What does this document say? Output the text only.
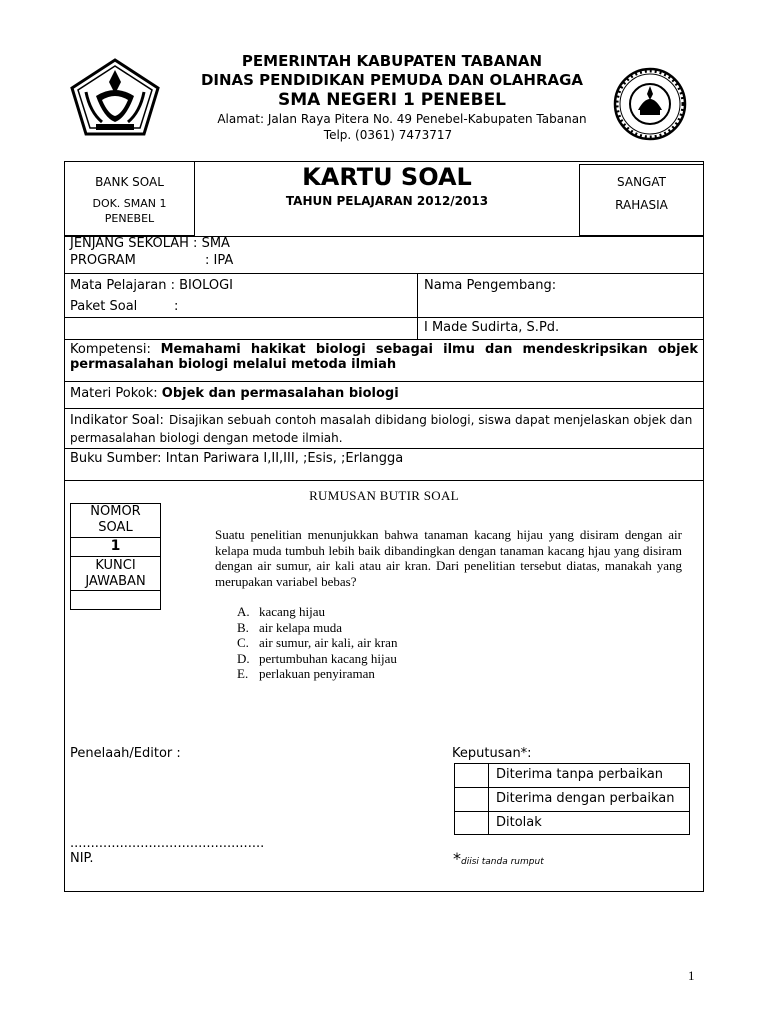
PEMERINTAH KABUPATEN TABANAN
DINAS PENDIDIKAN PEMUDA DAN OLAHRAGA
SMA NEGERI 1 PENEBEL
Alamat: Jalan Raya Pitera No. 49 Penebel-Kabupaten Tabanan
Telp. (0361) 7473717
BANK SOAL
DOK. SMAN 1
PENEBEL
KARTU SOAL
TAHUN PELAJARAN 2012/2013
SANGAT
RAHASIA
JENJANG SEKOLAH : SMA
PROGRAM	: IPA
Mata Pelajaran : BIOLOGI
Paket Soal	:
Nama Pengembang:
I Made Sudirta, S.Pd.
Kompetensi: Memahami hakikat biologi sebagai ilmu dan mendeskripsikan objek permasalahan biologi melalui metoda ilmiah
Materi Pokok: Objek dan permasalahan biologi
Indikator Soal: Disajikan sebuah contoh masalah dibidang biologi, siswa dapat menjelaskan objek dan permasalahan biologi dengan metode ilmiah.
Buku Sumber: Intan Pariwara I,II,III, ;Esis, ;Erlangga
RUMUSAN BUTIR SOAL
NOMOR
SOAL
1
KUNCI
JAWABAN
Suatu penelitian menunjukkan bahwa tanaman kacang hijau yang disiram dengan air kelapa muda tumbuh lebih baik dibandingkan dengan tanaman kacang hjau yang disiram dengan air sumur, air kali atau air kran. Dari penelitian tersebut diatas, manakah yang merupakan variabel bebas?
A. kacang hijau
B. air kelapa muda
C. air sumur, air kali, air kran
D. pertumbuhan kacang hijau
E. perlakuan penyiraman
Penelaah/Editor :
...............................................
NIP.
Keputusan*:
Diterima tanpa perbaikan
Diterima dengan perbaikan
Ditolak
*diisi tanda rumput
1
